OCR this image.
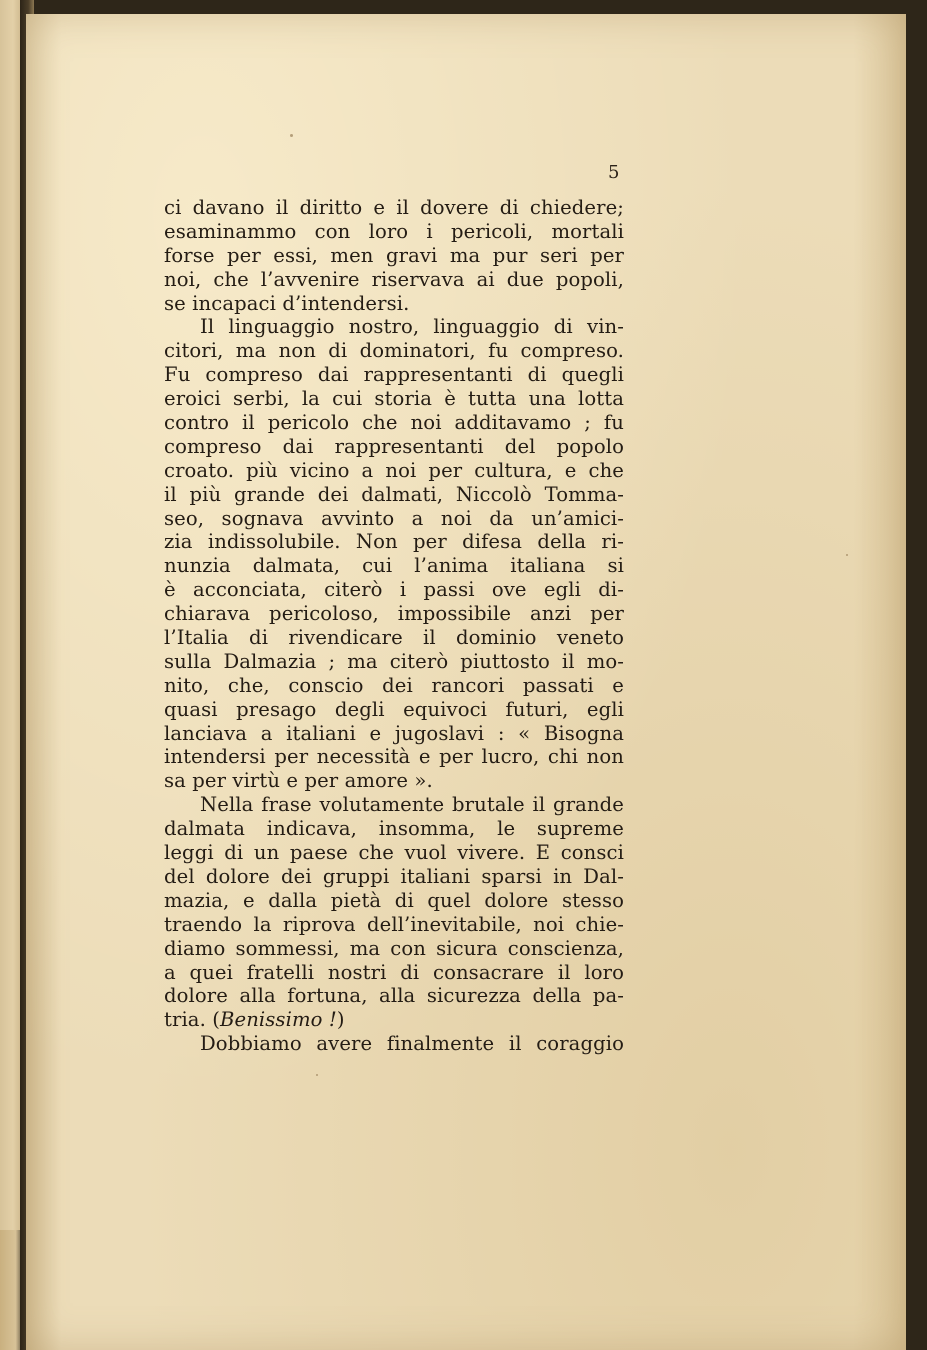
5
ci davano il diritto e il dovere di chiedere;
esaminammo con loro i pericoli, mortali
forse per essi, men gravi ma pur seri per
noi, che l’avvenire riservava ai due popoli,
se incapaci d’intendersi.
Il linguaggio nostro, linguaggio di vin-
citori, ma non di dominatori, fu compreso.
Fu compreso dai rappresentanti di quegli
eroici serbi, la cui storia è tutta una lotta
contro il pericolo che noi additavamo ; fu
compreso dai rappresentanti del popolo
croato. più vicino a noi per cultura, e che
il più grande dei dalmati, Niccolò Tomma-
seo, sognava avvinto a noi da un’amici-
zia indissolubile. Non per difesa della ri-
nunzia dalmata, cui l’anima italiana si
è acconciata, citerò i passi ove egli di-
chiarava pericoloso, impossibile anzi per
l’Italia di rivendicare il dominio veneto
sulla Dalmazia ; ma citerò piuttosto il mo-
nito, che, conscio dei rancori passati e
quasi presago degli equivoci futuri, egli
lanciava a italiani e jugoslavi : « Bisogna
intendersi per necessità e per lucro, chi non
sa per virtù e per amore ».
Nella frase volutamente brutale il grande
dalmata indicava, insomma, le supreme
leggi di un paese che vuol vivere. E consci
del dolore dei gruppi italiani sparsi in Dal-
mazia, e dalla pietà di quel dolore stesso
traendo la riprova dell’inevitabile, noi chie-
diamo sommessi, ma con sicura conscienza,
a quei fratelli nostri di consacrare il loro
dolore alla fortuna, alla sicurezza della pa-
tria. (Benissimo !)
Dobbiamo avere finalmente il coraggio
